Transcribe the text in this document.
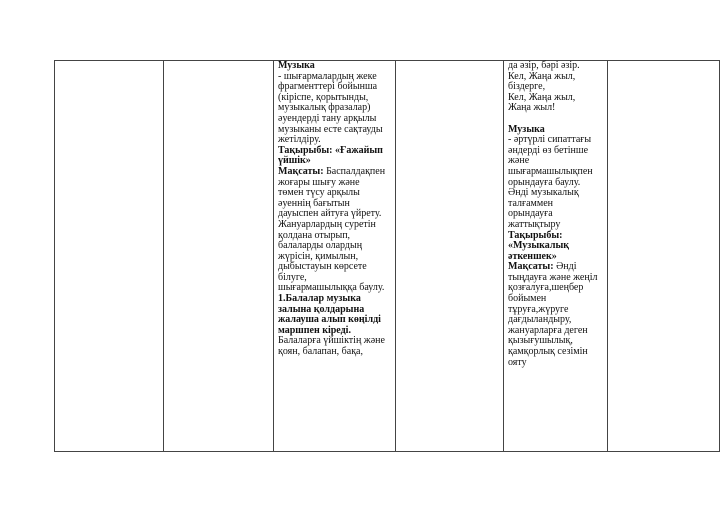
Музыка

- шығармалардың жеке
фрагменттері бойынша
(кіріспе, қорытынды,
музыкалық фразалар)
әуендерді тану арқылы
музыканы есте сақтауды
жетілдіру.

Тақырыбы: «Ғажайып
үйшік»

Мақсаты: Баспалдақпен

жоғары шығу және
төмен түсу арқылы
әуеннің бағытын
дауыспен айтуға үйрету.
Жануарлардың суретін
қолдана отырып,
балаларды олардың
жүрісін, қимылын,
дыбыстауын көрсете
білуге,
шығармашылыққа баулу.

1.Балалар музыка
залына қолдарына
жалауша алып көңілді
маршпен кіреді.

Балаларға үйшіктің және
қоян, балапан, бақа,

да әзір, бәрі әзір.
Кел, Жаңа жыл,
біздерге,
Кел, Жаңа жыл,
Жаңа жыл!

Музыка

- әртүрлі сипаттағы
әндерді өз бетінше
және
шығармашылықпен
орындауға баулу.
Әнді музыкалық
талғаммен
орындауға
жаттықтыру

Тақырыбы:
«Музыкалық
әткеншек»

Мақсаты: Әнді

тыңдауға және жеңіл
қозғалуға,шеңбер
бойымен
тұруға,жүруге
дағдыландыру,
жануарларға деген
қызығушылық,
қамқорлық сезімін
ояту
